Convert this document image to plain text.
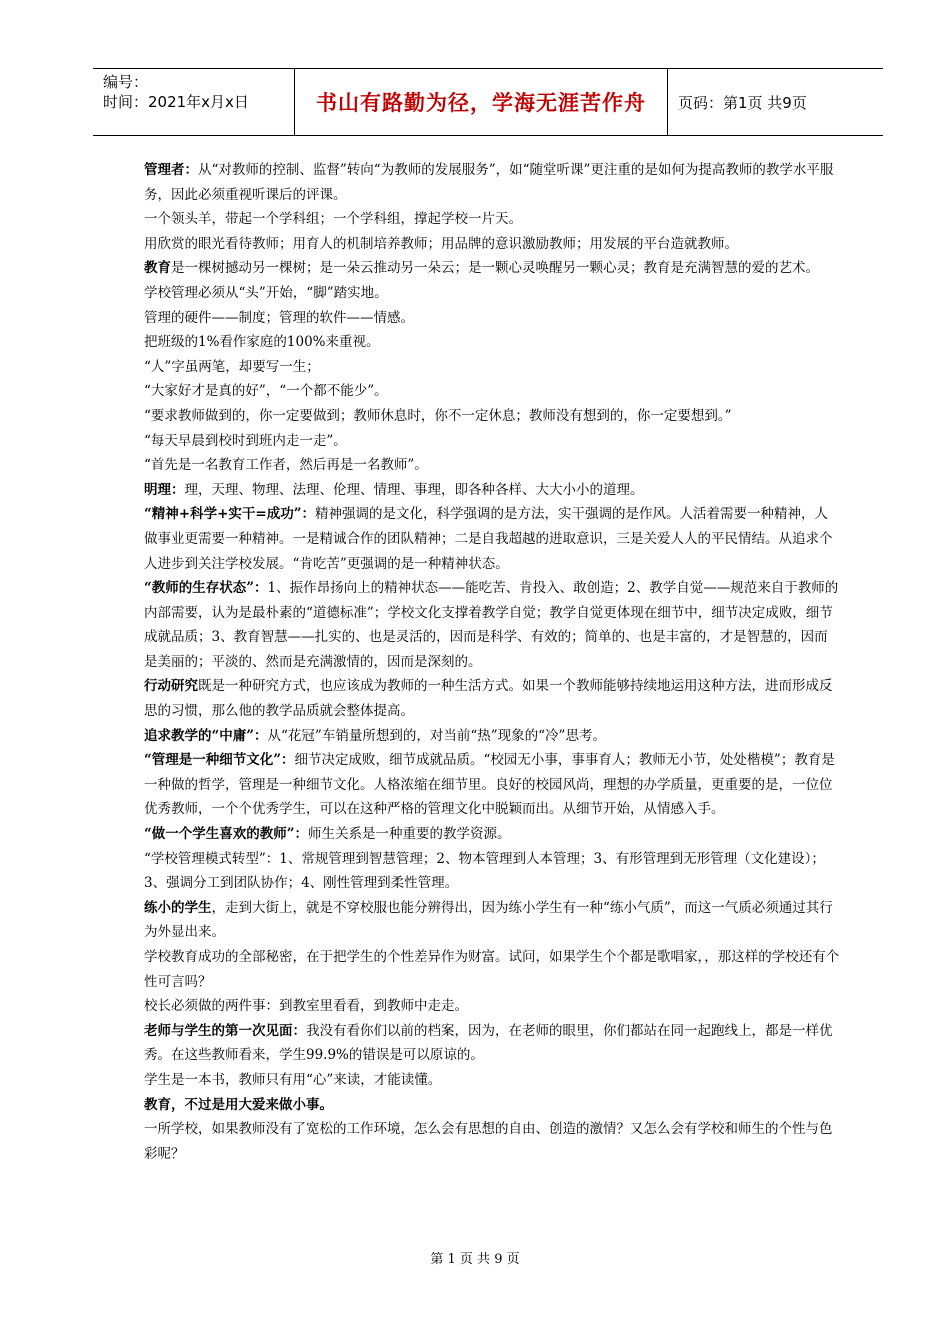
编号：
时间：2021年x月x日	书山有路勤为径，学海无涯苦作舟	页码：第1页 共9页

管理者：从“对教师的控制、监督”转向“为教师的发展服务”，如“随堂听课”更注重的是如何为提高教师的教学水平服务，因此必须重视听课后的评课。

一个领头羊，带起一个学科组；一个学科组，撑起学校一片天。

用欣赏的眼光看待教师；用育人的机制培养教师；用品牌的意识激励教师；用发展的平台造就教师。

教育是一棵树撼动另一棵树；是一朵云推动另一朵云；是一颗心灵唤醒另一颗心灵；教育是充满智慧的爱的艺术。

学校管理必须从“头”开始，“脚”踏实地。

管理的硬件——制度；管理的软件——情感。

把班级的1%看作家庭的100%来重视。

“人”字虽两笔，却要写一生；

“大家好才是真的好”，“一个都不能少”。

“要求教师做到的，你一定要做到；教师休息时，你不一定休息；教师没有想到的，你一定要想到。”

“每天早晨到校时到班内走一走”。

“首先是一名教育工作者，然后再是一名教师”。

明理：理，天理、物理、法理、伦理、情理、事理，即各种各样、大大小小的道理。

“精神+科学+实干=成功”：精神强调的是文化，科学强调的是方法，实干强调的是作风。人活着需要一种精神，人做事业更需要一种精神。一是精诚合作的团队精神；二是自我超越的进取意识，三是关爱人人的平民情结。从追求个人进步到关注学校发展。“肯吃苦”更强调的是一种精神状态。

“教师的生存状态”：1、振作昂扬向上的精神状态——能吃苦、肯投入、敢创造；2、教学自觉——规范来自于教师的内部需要，认为是最朴素的“道德标准”；学校文化支撑着教学自觉；教学自觉更体现在细节中，细节决定成败，细节成就品质；3、教育智慧——扎实的、也是灵活的，因而是科学、有效的；简单的、也是丰富的，才是智慧的，因而是美丽的；平淡的、然而是充满激情的，因而是深刻的。

行动研究既是一种研究方式，也应该成为教师的一种生活方式。如果一个教师能够持续地运用这种方法，进而形成反思的习惯，那么他的教学品质就会整体提高。

追求教学的“中庸”：从“花冠”车销量所想到的，对当前“热”现象的“冷”思考。

“管理是一种细节文化”：细节决定成败，细节成就品质。“校园无小事，事事育人；教师无小节，处处楷模”；教育是一种做的哲学，管理是一种细节文化。人格浓缩在细节里。良好的校园风尚，理想的办学质量，更重要的是，一位位优秀教师，一个个优秀学生，可以在这种严格的管理文化中脱颖而出。从细节开始，从情感入手。

“做一个学生喜欢的教师”：师生关系是一种重要的教学资源。

“学校管理模式转型”：1、常规管理到智慧管理；2、物本管理到人本管理；3、有形管理到无形管理（文化建设）；3、强调分工到团队协作；4、刚性管理到柔性管理。

练小的学生，走到大街上，就是不穿校服也能分辨得出，因为练小学生有一种“练小气质”，而这一气质必须通过其行为外显出来。

学校教育成功的全部秘密，在于把学生的个性差异作为财富。试问，如果学生个个都是歌唱家，，那这样的学校还有个性可言吗？

校长必须做的两件事：到教室里看看，到教师中走走。

老师与学生的第一次见面：我没有看你们以前的档案，因为，在老师的眼里，你们都站在同一起跑线上，都是一样优秀。在这些教师看来，学生99.9%的错误是可以原谅的。

学生是一本书，教师只有用“心”来读，才能读懂。

教育，不过是用大爱来做小事。

一所学校，如果教师没有了宽松的工作环境，怎么会有思想的自由、创造的激情？又怎么会有学校和师生的个性与色彩呢？

第 1 页 共 9 页
